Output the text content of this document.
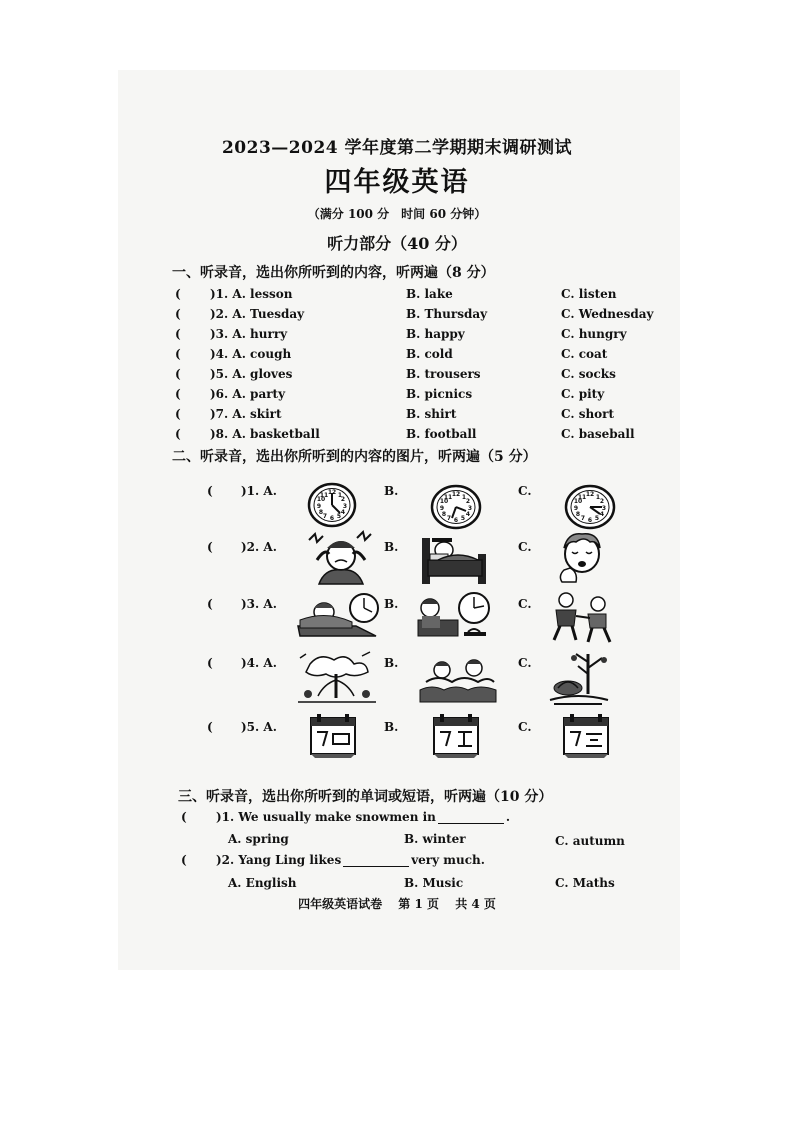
2023—2024 学年度第二学期期末调研测试
四年级英语
（满分 100 分　时间 60 分钟）
听力部分（40 分）
一、听录音，选出你所听到的内容，听两遍（8 分）
( )1. A. lesson	B. lake	C. listen
( )2. A. Tuesday	B. Thursday	C. Wednesday
( )3. A. hurry	B. happy	C. hungry
( )4. A. cough	B. cold	C. coat
( )5. A. gloves	B. trousers	C. socks
( )6. A. party	B. picnics	C. pity
( )7. A. skirt	B. shirt	C. short
( )8. A. basketball	B. football	C. baseball
二、听录音，选出你所听到的内容的图片，听两遍（5 分）
( )1. A.	B.	C.
( )2. A.	B.	C.
( )3. A.	B.	C.
( )4. A.	B.	C.
( )5. A.	B.	C.
12
3
6
9
1
2
4
5
7
8
10
11	12
3
6
9
1
2
4
5
7
8
10
11	12
3
6
9
1
2
4
5
7
8
10
11
三、听录音，选出你所听到的单词或短语，听两遍（10 分）
( )1. We usually make snowmen in	.
A. spring	B. winter	C. autumn
( )2. Yang Ling likes	very much.
A. English	B. Music	C. Maths
四年级英语试卷 第 1 页 共 4 页
